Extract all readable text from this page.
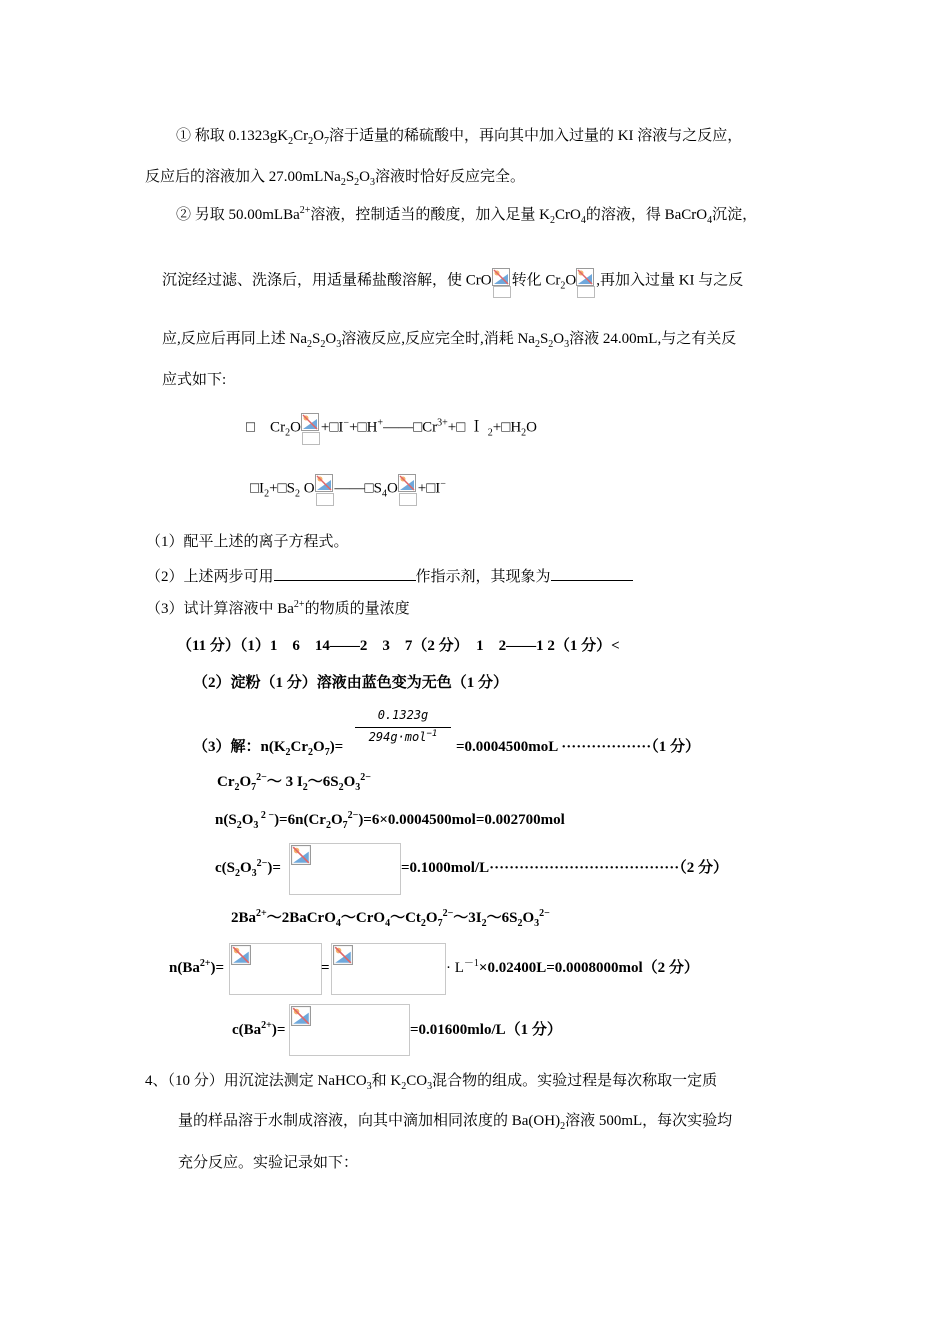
① 称取 $0.1323gK_2Cr_2O_7$溶于适量的稀硫酸中，再向其中加入过量的 KI 溶液与之反应，
反应后的溶液加入 $27.00mLNa_2S_2O_3$溶液时恰好反应完全。
② 另取 50.00mLBa$^{2+}$溶液，控制适当的酸度，加入足量 $K_2CrO_4$的溶液，得 BaCrO$_4$沉淀，
沉淀经过滤、洗涤后，用适量稀盐酸溶解，使 CrO 转化 $Cr_2O$ ,再加入过量 KI 与之反
应,反应后再同上述 $Na_2S_2O_3$溶液反应,反应完全时,消耗 $Na_2S_2O_3$溶液 24.00mL,与之有关反
应式如下:
□　$Cr_2O$ $+□I^-+□H^+——□Cr^{3+}+□$ Ｉ $_2+□H_2O$
$□I_2+□S_2$ O $——□S_4O$ +□I−
（1）配平上述的离子方程式。
（2）上述两步可用	作指示剂，其现象为
（3）试计算溶液中 $Ba^{2+}$的物质的量浓度
（11 分）（1）1　6　14——2　3　7（2 分）　1　2——1 2（1 分）<
（2）淀粉（1 分）溶液由蓝色变为无色（1 分）
（3）解：$n(K_2Cr_2O_7)=$
0.1323g
294g·mol$^{-1}$
=0.0004500moL ··················（1 分）
$Cr_2O_7^{2-}\sim$ 3 $I_2\sim 6S_2O_3^{2-}$
$n(S_2O_3$ $^{2 -})=6n(Cr_2O_7^{2-})=6\times 0.0004500mol=0.002700mol$
$c(S_2O_3^{2-})=$	=0.1000mol/L······································（2 分）
$2Ba^{2+}\sim 2BaCrO_4\sim CrO_4\sim Ct_2O_7^{2-}\sim 3I_2\sim 6S_2O_3^{2-}$
$n(Ba^{2+})=$	=	· $L^{-1}\times 0.02400L=0.0008000mol(2$ 分）
$c(Ba^{2+})=$	=0.01600mlo/L（1 分）
4、（10 分）用沉淀法测定 NaHCO$_3$和 $K_2CO_3$混合物的组成。实验过程是每次称取一定质
量的样品溶于水制成溶液，向其中滴加相同浓度的 $Ba(OH)_2$溶液 500mL，每次实验均
充分反应。实验记录如下：
